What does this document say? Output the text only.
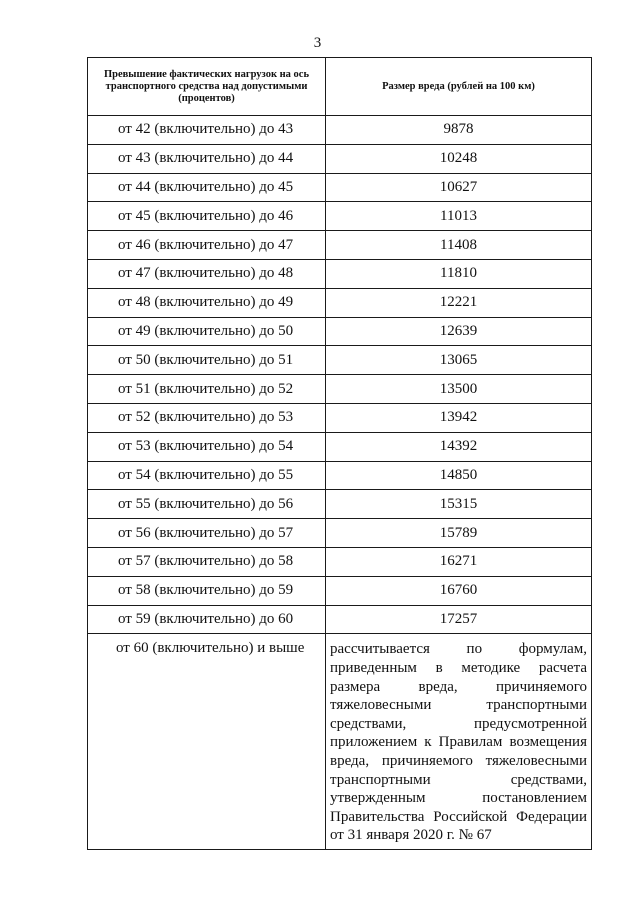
3
Превышение фактических нагрузок на ось транспортного средства над допустимыми (процентов)	Размер вреда (рублей на 100 км)
от 42 (включительно) до 43	9878
от 43 (включительно) до 44	10248
от 44 (включительно) до 45	10627
от 45 (включительно) до 46	11013
от 46 (включительно) до 47	11408
от 47 (включительно) до 48	11810
от 48 (включительно) до 49	12221
от 49 (включительно) до 50	12639
от 50 (включительно) до 51	13065
от 51 (включительно) до 52	13500
от 52 (включительно) до 53	13942
от 53 (включительно) до 54	14392
от 54 (включительно) до 55	14850
от 55 (включительно) до 56	15315
от 56 (включительно) до 57	15789
от 57 (включительно) до 58	16271
от 58 (включительно) до 59	16760
от 59 (включительно) до 60	17257
от 60 (включительно) и выше	рассчитывается по формулам, приведенным в методике расчета размера вреда, причиняемого тяжеловесными транспортными средствами, предусмотренной приложением к Правилам возмещения вреда, причиняемого тяжеловесными транспортными средствами, утвержденным постановлением Правительства Российской Федерации от 31 января 2020 г. № 67
